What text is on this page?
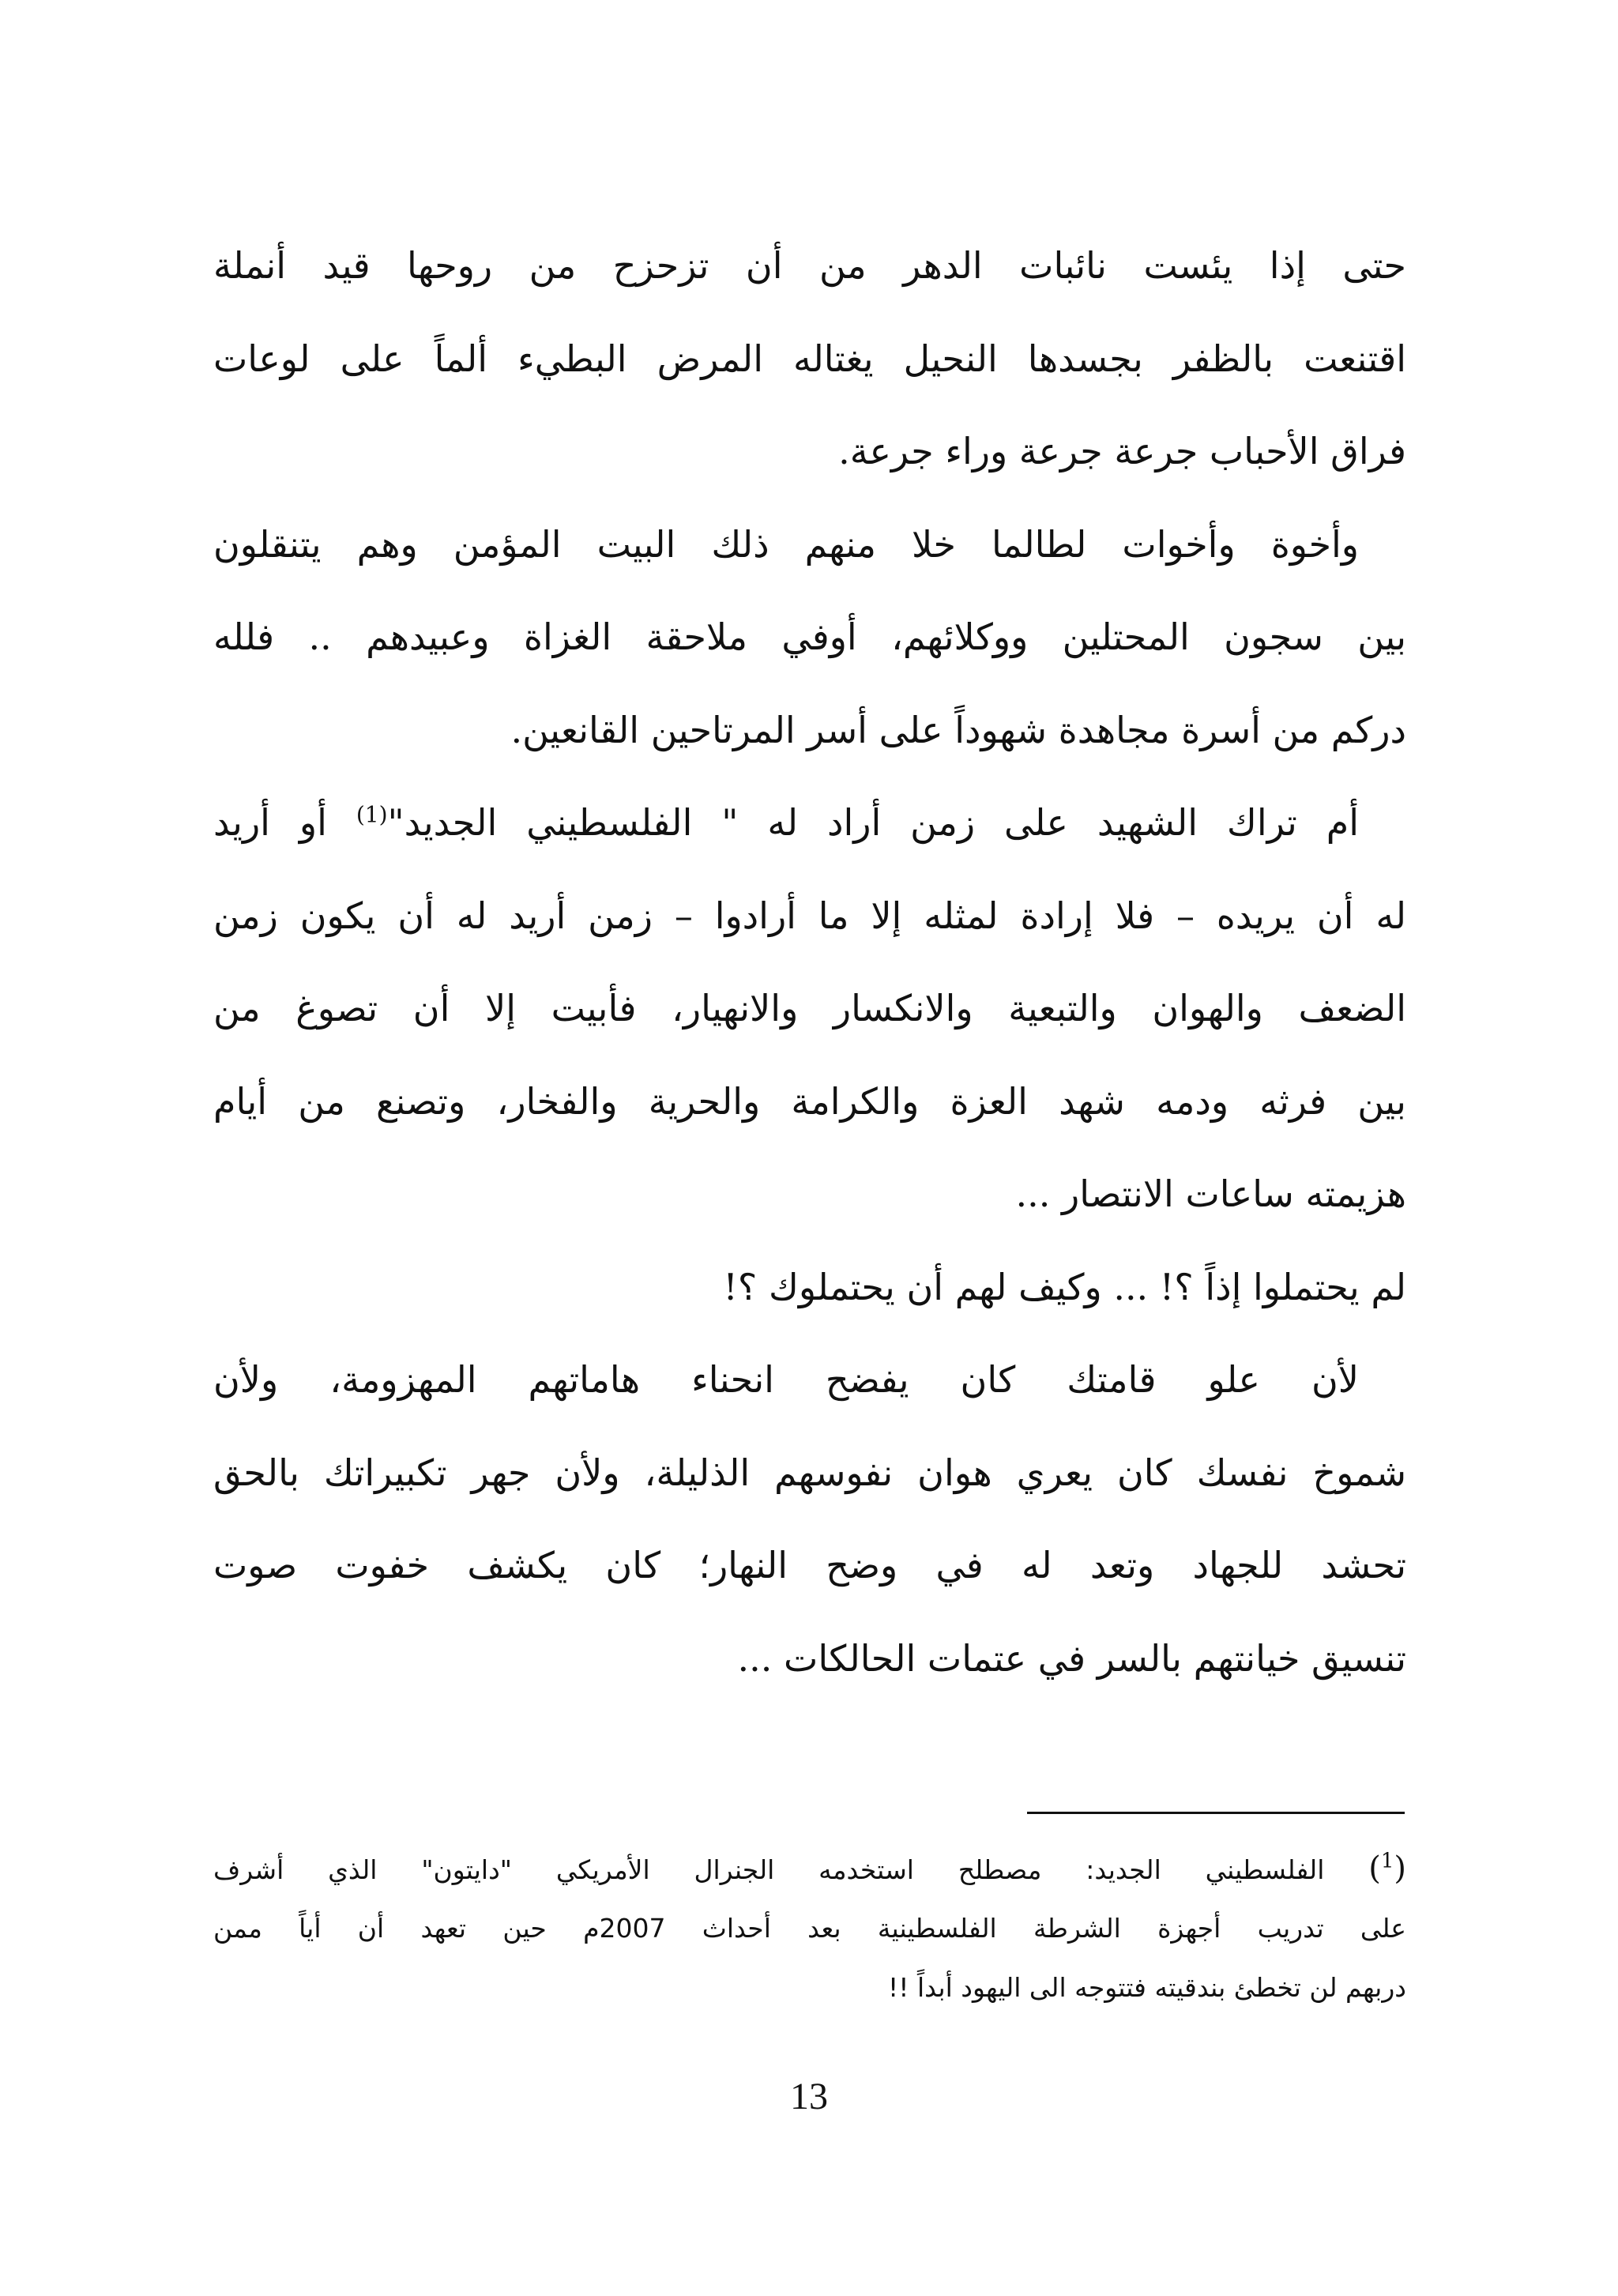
حتى إذا يئست نائبات الدهر من أن تزحزح من روحها قيد أنملة
اقتنعت بالظفر بجسدها النحيل يغتاله المرض البطيء ألماً على لوعات
فراق الأحباب جرعة جرعة وراء جرعة.
وأخوة وأخوات لطالما خلا منهم ذلك البيت المؤمن وهم يتنقلون
بين سجون المحتلين ووكلائهم، أوفي ملاحقة الغزاة وعبيدهم .. فلله
دركم من أسرة مجاهدة شهوداً على أسر المرتاحين القانعين.
أم تراك الشهيد على زمن أراد له " الفلسطيني الجديد"$^{(1)}$ أو أريد
له أن يريده – فلا إرادة لمثله إلا ما أرادوا – زمن أريد له أن يكون زمن
الضعف والهوان والتبعية والانكسار والانهيار، فأبيت إلا أن تصوغ من
بين فرثه ودمه شهد العزة والكرامة والحرية والفخار، وتصنع من أيام
هزيمته ساعات الانتصار ...
لم يحتملوا إذاً ؟! ... وكيف لهم أن يحتملوك ؟!
لأن علو قامتك كان يفضح انحناء هاماتهم المهزومة، ولأن
شموخ نفسك كان يعري هوان نفوسهم الذليلة، ولأن جهر تكبيراتك بالحق
تحشد للجهاد وتعد له في وضح النهار؛ كان يكشف خفوت صوت
تنسيق خيانتهم بالسر في عتمات الحالكات ...
($^1$) الفلسطيني الجديد: مصطلح استخدمه الجنرال الأمريكي "دايتون" الذي أشرف
على تدريب أجهزة الشرطة الفلسطينية بعد أحداث 2007م حين تعهد أن أياً ممن
دربهم لن تخطئ بندقيته فتتوجه الى اليهود أبداً !!
13
